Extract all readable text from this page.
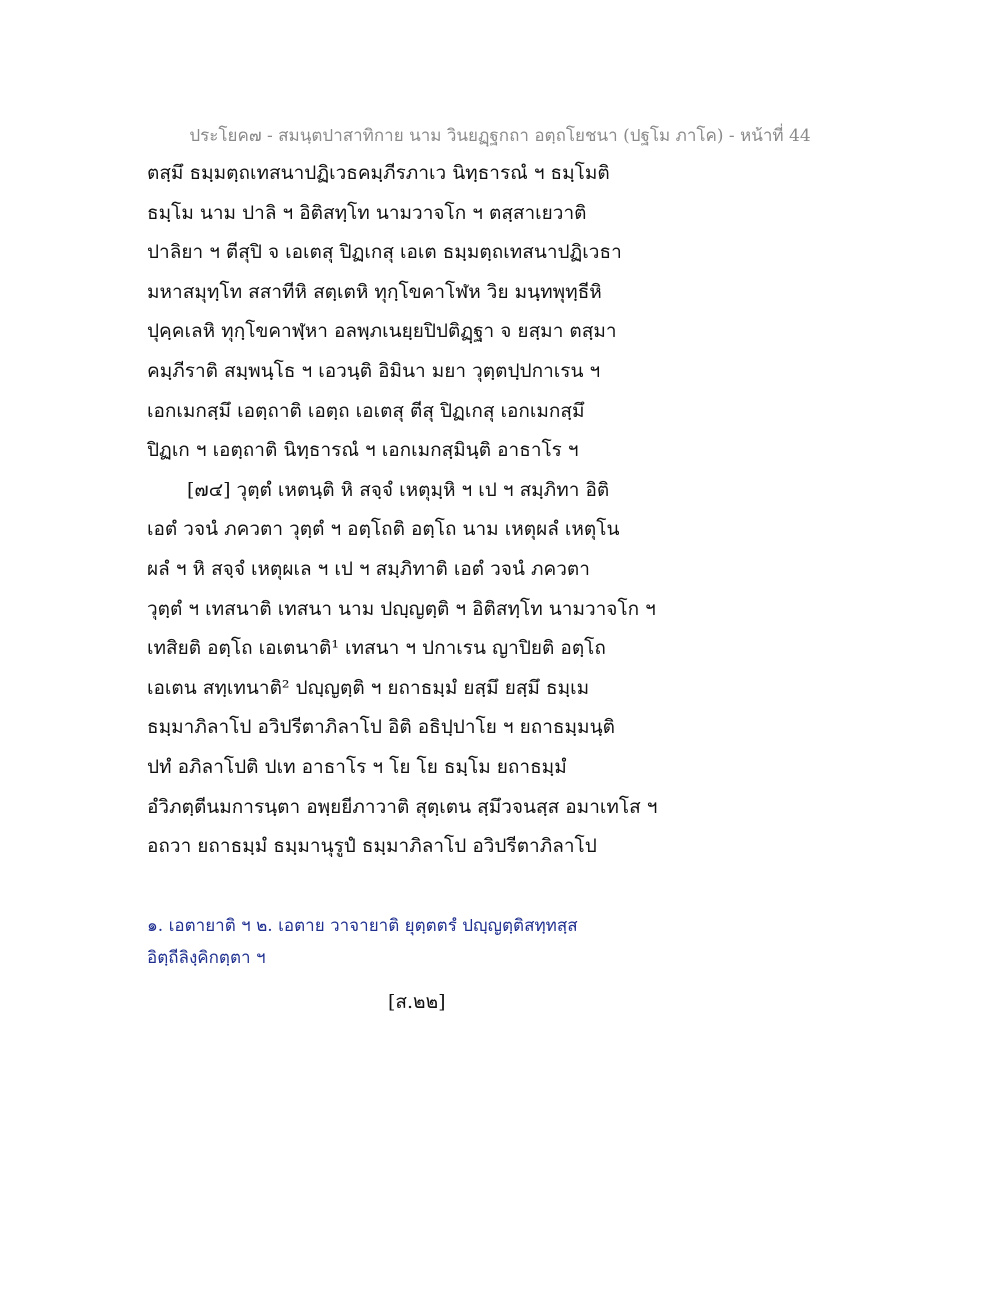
ประโยค๗ - สมนฺตปาสาทิกาย นาม วินยฏฺฐกถา อตฺถโยชนา (ปฐโม ภาโค) - หน้าที่ 44
ตสฺมึ ธมฺมตฺถเทสนาปฏิเวธคมฺภีรภาเว นิทฺธารณํ ฯ ธมฺโมติ
ธมฺโม นาม ปาลิ ฯ อิติสทฺโท นามวาจโก ฯ ตสฺสาเยวาติ
ปาลิยา ฯ ตีสุปิ จ เอเตสุ ปิฏเกสุ เอเต ธมฺมตฺถเทสนาปฏิเวธา
มหาสมุทฺโท สสาทีหิ สตฺเตหิ ทุกฺโขคาโฬห วิย มนฺทพุทฺธีหิ
ปุคฺคเลหิ ทุกฺโขคาฬฺหา อลพฺภเนยฺยปิปติฏฺฐา จ ยสฺมา ตสฺมา
คมฺภีราติ สมฺพนฺโธ ฯ เอวนฺติ อิมินา มยา วุตฺตปฺปกาเรน ฯ
เอกเมกสฺมึ เอตฺถาติ เอตฺถ เอเตสุ ตีสุ ปิฏเกสุ เอกเมกสฺมึ
ปิฏเก ฯ เอตฺถาติ นิทฺธารณํ ฯ เอกเมกสฺมินฺติ อาธาโร ฯ
[๗๔] วุตฺตํ เหตนฺติ หิ สจฺจํ เหตุมฺหิ ฯ เป ฯ สมฺภิทา อิติ
เอตํ วจนํ ภควตา วุตฺตํ ฯ อตฺโถติ อตฺโถ นาม เหตุผลํ เหตุโน
ผลํ ฯ หิ สจฺจํ เหตุผเล ฯ เป ฯ สมฺภิทาติ เอตํ วจนํ ภควตา
วุตฺตํ ฯ เทสนาติ เทสนา นาม ปญฺญตฺติ ฯ อิติสทฺโท นามวาจโก ฯ
เทสิยติ อตฺโถ เอเตนาติ¹ เทสนา ฯ ปกาเรน ญาปิยติ อตฺโถ
เอเตน สทฺเทนาติ² ปญฺญตฺติ ฯ ยถาธมฺมํ ยสฺมึ ยสฺมึ ธมฺเม
ธมฺมาภิลาโป อวิปรีตาภิลาโป อิติ อธิปฺปาโย ฯ ยถาธมฺมนฺติ
ปทํ อภิลาโปติ ปเท อาธาโร ฯ โย โย ธมฺโม ยถาธมฺมํ
อํวิภตฺตีนมการนฺตา อพฺยยีภาวาติ สุตฺเตน สฺมึวจนสฺส อมาเทโส ฯ
อถวา ยถาธมฺมํ ธมฺมานุรูปํ ธมฺมาภิลาโป อวิปรีตาภิลาโป
๑. เอตายาติ ฯ ๒. เอตาย วาจายาติ ยุตฺตตรํ ปญฺญตฺติสทฺทสฺส
อิตฺถีลิงฺคิกตฺตา ฯ
[ส.๒๒]
